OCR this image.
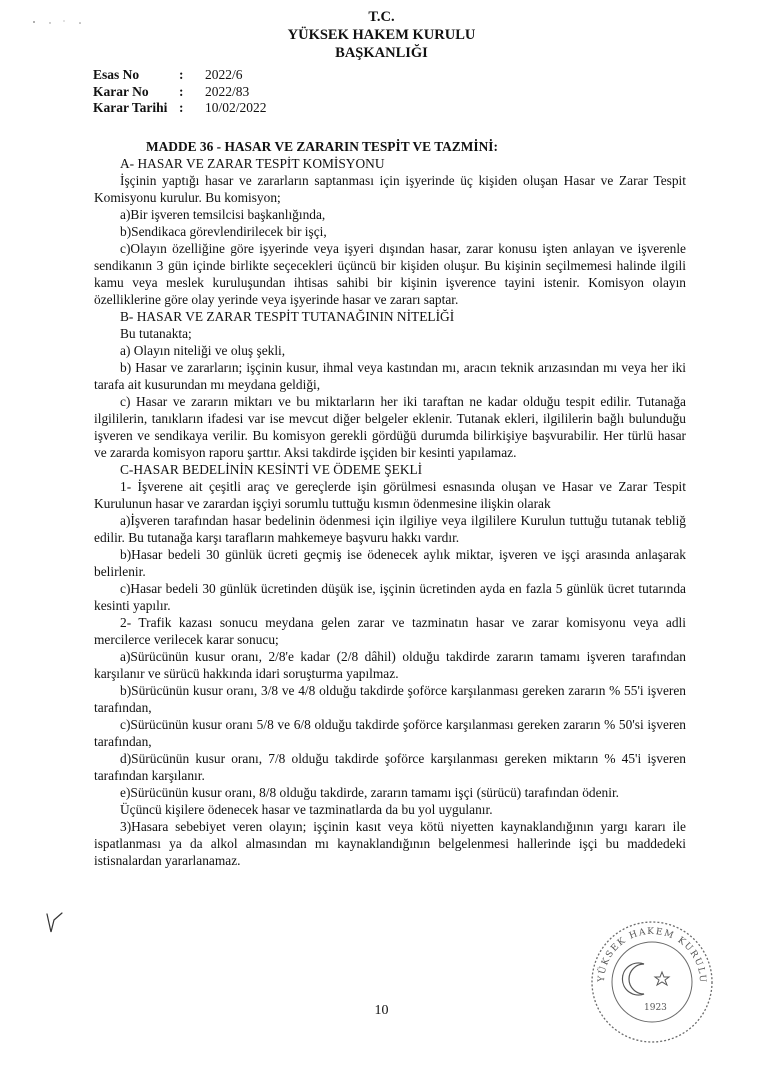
T.C.
YÜKSEK HAKEM KURULU
BAŞKANLIĞI
Esas No	:	2022/6
Karar No	:	2022/83
Karar Tarihi :	10/02/2022

MADDE 36 - HASAR VE ZARARIN TESPİT VE TAZMİNİ:

A- HASAR VE ZARAR TESPİT KOMİSYONU

İşçinin yaptığı hasar ve zararların saptanması için işyerinde üç kişiden oluşan Hasar ve Zarar Tespit Komisyonu kurulur. Bu komisyon;

a)Bir işveren temsilcisi başkanlığında,

b)Sendikaca görevlendirilecek bir işçi,

c)Olayın özelliğine göre işyerinde veya işyeri dışından hasar, zarar konusu işten anlayan ve işverenle sendikanın 3 gün içinde birlikte seçecekleri üçüncü bir kişiden oluşur. Bu kişinin seçilmemesi halinde ilgili kamu veya meslek kuruluşundan ihtisas sahibi bir kişinin işverence tayini istenir. Komisyon olayın özelliklerine göre olay yerinde veya işyerinde hasar ve zararı saptar.

B- HASAR VE ZARAR TESPİT TUTANAĞININ NİTELİĞİ

Bu tutanakta;

a) Olayın niteliği ve oluş şekli,

b) Hasar ve zararların; işçinin kusur, ihmal veya kastından mı, aracın teknik arızasından mı veya her iki tarafa ait kusurundan mı meydana geldiği,

c) Hasar ve zararın miktarı ve bu miktarların her iki taraftan ne kadar olduğu tespit edilir. Tutanağa ilgililerin, tanıkların ifadesi var ise mevcut diğer belgeler eklenir. Tutanak ekleri, ilgililerin bağlı bulunduğu işveren ve sendikaya verilir. Bu komisyon gerekli gördüğü durumda bilirkişiye başvurabilir. Her türlü hasar ve zararda komisyon raporu şarttır. Aksi takdirde işçiden bir kesinti yapılamaz.

C-HASAR BEDELİNİN KESİNTİ VE ÖDEME ŞEKLİ

1- İşverene ait çeşitli araç ve gereçlerde işin görülmesi esnasında oluşan ve Hasar ve Zarar Tespit Kurulunun hasar ve zarardan işçiyi sorumlu tuttuğu kısmın ödenmesine ilişkin olarak

a)İşveren tarafından hasar bedelinin ödenmesi için ilgiliye veya ilgililere Kurulun tuttuğu tutanak tebliğ edilir. Bu tutanağa karşı tarafların mahkemeye başvuru hakkı vardır.

b)Hasar bedeli 30 günlük ücreti geçmiş ise ödenecek aylık miktar, işveren ve işçi arasında anlaşarak belirlenir.

c)Hasar bedeli 30 günlük ücretinden düşük ise, işçinin ücretinden ayda en fazla 5 günlük ücret tutarında kesinti yapılır.

2- Trafik kazası sonucu meydana gelen zarar ve tazminatın hasar ve zarar komisyonu veya adli mercilerce verilecek karar sonucu;

a)Sürücünün kusur oranı, 2/8'e kadar (2/8 dâhil) olduğu takdirde zararın tamamı işveren tarafından karşılanır ve sürücü hakkında idari soruşturma yapılmaz.

b)Sürücünün kusur oranı, 3/8 ve 4/8 olduğu takdirde şoförce karşılanması gereken zararın % 55'i işveren tarafından,

c)Sürücünün kusur oranı 5/8 ve 6/8 olduğu takdirde şoförce karşılanması gereken zararın % 50'si işveren tarafından,

d)Sürücünün kusur oranı, 7/8 olduğu takdirde şoförce karşılanması gereken miktarın % 45'i işveren tarafından karşılanır.

e)Sürücünün kusur oranı, 8/8 olduğu takdirde, zararın tamamı işçi (sürücü) tarafından ödenir.

Üçüncü kişilere ödenecek hasar ve tazminatlarda da bu yol uygulanır.

3)Hasara sebebiyet veren olayın; işçinin kasıt veya kötü niyetten kaynaklandığının yargı kararı ile ispatlanması ya da alkol almasından mı kaynaklandığının belgelenmesi hallerinde işçi bu maddedeki istisnalardan yararlanamaz.

YÜKSEK HAKEM KURULU
1923
10
